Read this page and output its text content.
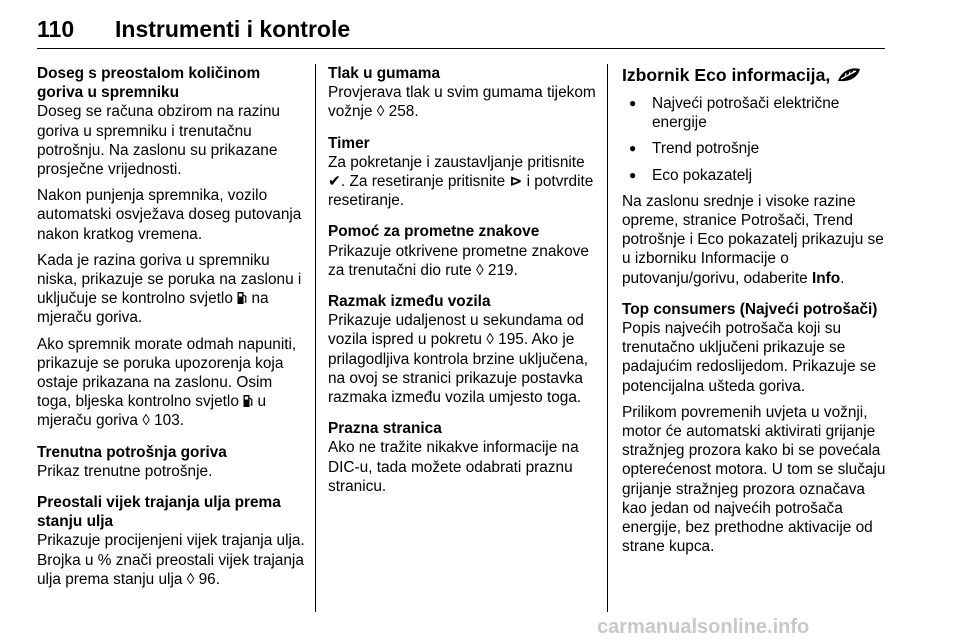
110 Instrumenti i kontrole
Doseg s preostalom količinom goriva u spremniku
Doseg se računa obzirom na razinu goriva u spremniku i trenutačnu potrošnju. Na zaslonu su prikazane prosječne vrijednosti.
Nakon punjenja spremnika, vozilo automatski osvježava doseg putovanja nakon kratkog vremena.
Kada je razina goriva u spremniku niska, prikazuje se poruka na zaslonu i uključuje se kontrolno svjetlo  na mjeraču goriva.
Ako spremnik morate odmah napuniti, prikazuje se poruka upozorenja koja ostaje prikazana na zaslonu. Osim toga, bljeska kontrolno svjetlo  u mjeraču goriva ◊ 103.
Trenutna potrošnja goriva
Prikaz trenutne potrošnje.
Preostali vijek trajanja ulja prema stanju ulja
Prikazuje procijenjeni vijek trajanja ulja. Brojka u % znači preostali vijek trajanja ulja prema stanju ulja ◊ 96.
Tlak u gumama
Provjerava tlak u svim gumama tijekom vožnje ◊ 258.
Timer
Za pokretanje i zaustavljanje pritisnite ✔. Za resetiranje pritisnite ⊳ i potvrdite resetiranje.
Pomoć za prometne znakove
Prikazuje otkrivene prometne znakove za trenutačni dio rute ◊ 219.
Razmak između vozila
Prikazuje udaljenost u sekundama od vozila ispred u pokretu ◊ 195. Ako je prilagodljiva kontrola brzine uključena, na ovoj se stranici prikazuje postavka razmaka između vozila umjesto toga.
Prazna stranica
Ako ne tražite nikakve informacije na DIC-u, tada možete odabrati praznu stranicu.
Izbornik Eco informacija,
● Najveći potrošači električne energije
● Trend potrošnje
● Eco pokazatelj
Na zaslonu srednje i visoke razine opreme, stranice Potrošači, Trend potrošnje i Eco pokazatelj prikazuju se u izborniku Informacije o putovanju/gorivu, odaberite Info.
Top consumers (Najveći potrošači)
Popis najvećih potrošača koji su trenutačno uključeni prikazuje se padajućim redoslijedom. Prikazuje se potencijalna ušteda goriva.
Prilikom povremenih uvjeta u vožnji, motor će automatski aktivirati grijanje stražnjeg prozora kako bi se povećala opterećenost motora. U tom se slučaju grijanje stražnjeg prozora označava kao jedan od najvećih potrošača energije, bez prethodne aktivacije od strane kupca.
carmanualsonline.info
